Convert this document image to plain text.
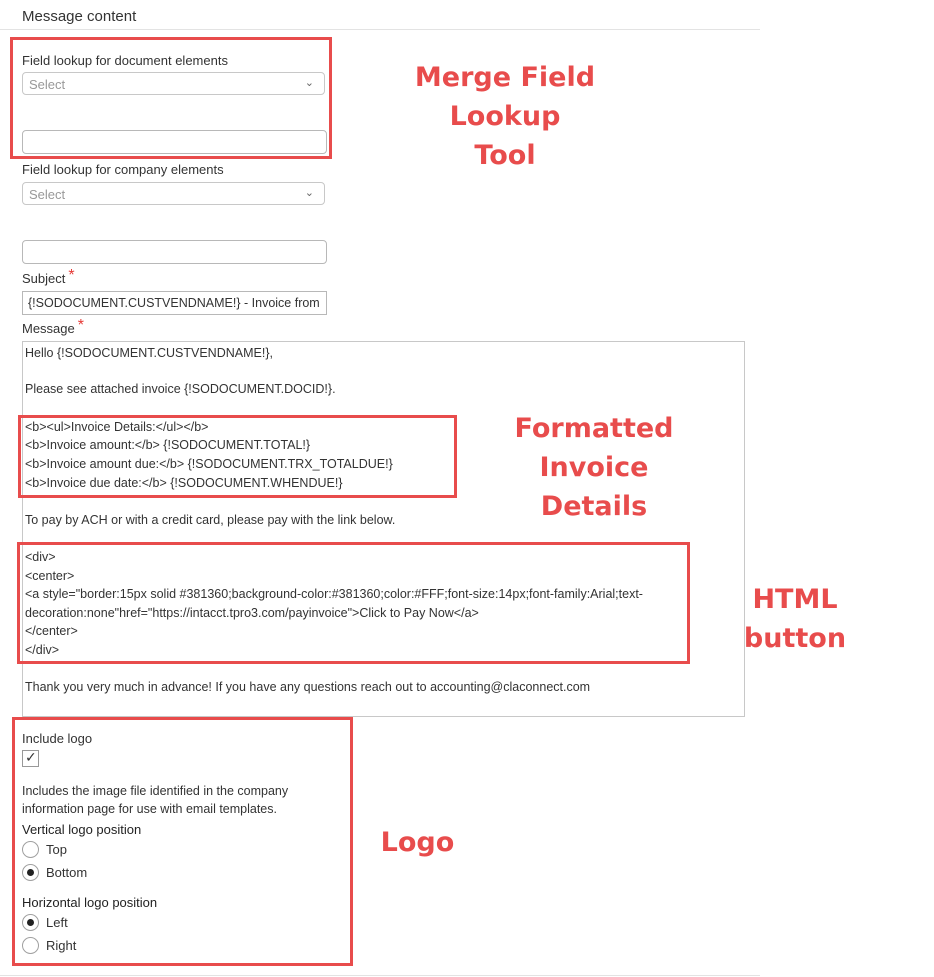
Message content
Field lookup for document elements
Select	⌄
Field lookup for company elements
Select	⌄
Subject *
{!SODOCUMENT.CUSTVENDNAME!} - Invoice from
Message *
Hello {!SODOCUMENT.CUSTVENDNAME!},
Please see attached invoice {!SODOCUMENT.DOCID!}.
<b><ul>Invoice Details:</ul></b>
<b>Invoice amount:</b> {!SODOCUMENT.TOTAL!}
<b>Invoice amount due:</b> {!SODOCUMENT.TRX_TOTALDUE!}
<b>Invoice due date:</b> {!SODOCUMENT.WHENDUE!}
To pay by ACH or with a credit card, please pay with the link below.
<div>
<center>
<a style="border:15px solid #381360;background-color:#381360;color:#FFF;font-size:14px;font-family:Arial;text-
decoration:none"href="https://intacct.tpro3.com/payinvoice">Click to Pay Now</a>
</center>
</div>
Thank you very much in advance! If you have any questions reach out to accounting@claconnect.com
Include logo
✓
Includes the image file identified in the company
information page for use with email templates.
Vertical logo position
Top
Bottom
Horizontal logo position
Left
Right
Merge Field Lookup
Tool
Formatted Invoice
Details
HTML button
Logo
